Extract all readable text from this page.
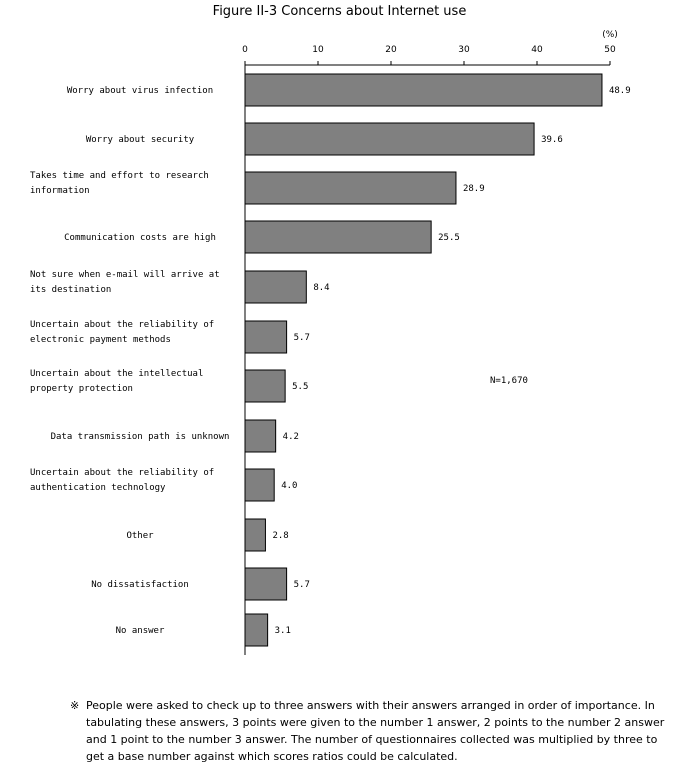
Figure II-3 Concerns about Internet use
0	10	20	30	40	50
(%)
48.9
Worry about virus infection
39.6
Worry about security
28.9
Takes time and effort to research
information
25.5
Communication costs are high
8.4
Not sure when e-mail will arrive at
its destination
5.7
Uncertain about the reliability of
electronic payment methods
5.5
Uncertain about the intellectual
property protection
4.2
Data transmission path is unknown
4.0
Uncertain about the reliability of
authentication technology
2.8
Other
5.7
No dissatisfaction
3.1
No answer
N=1,670
※ People were asked to check up to three answers with their answers arranged in order of importance. In tabulating these answers, 3 points were given to the number 1 answer, 2 points to the number 2 answer and 1 point to the number 3 answer. The number of questionnaires collected was multiplied by three to get a base number against which scores ratios could be calculated.
